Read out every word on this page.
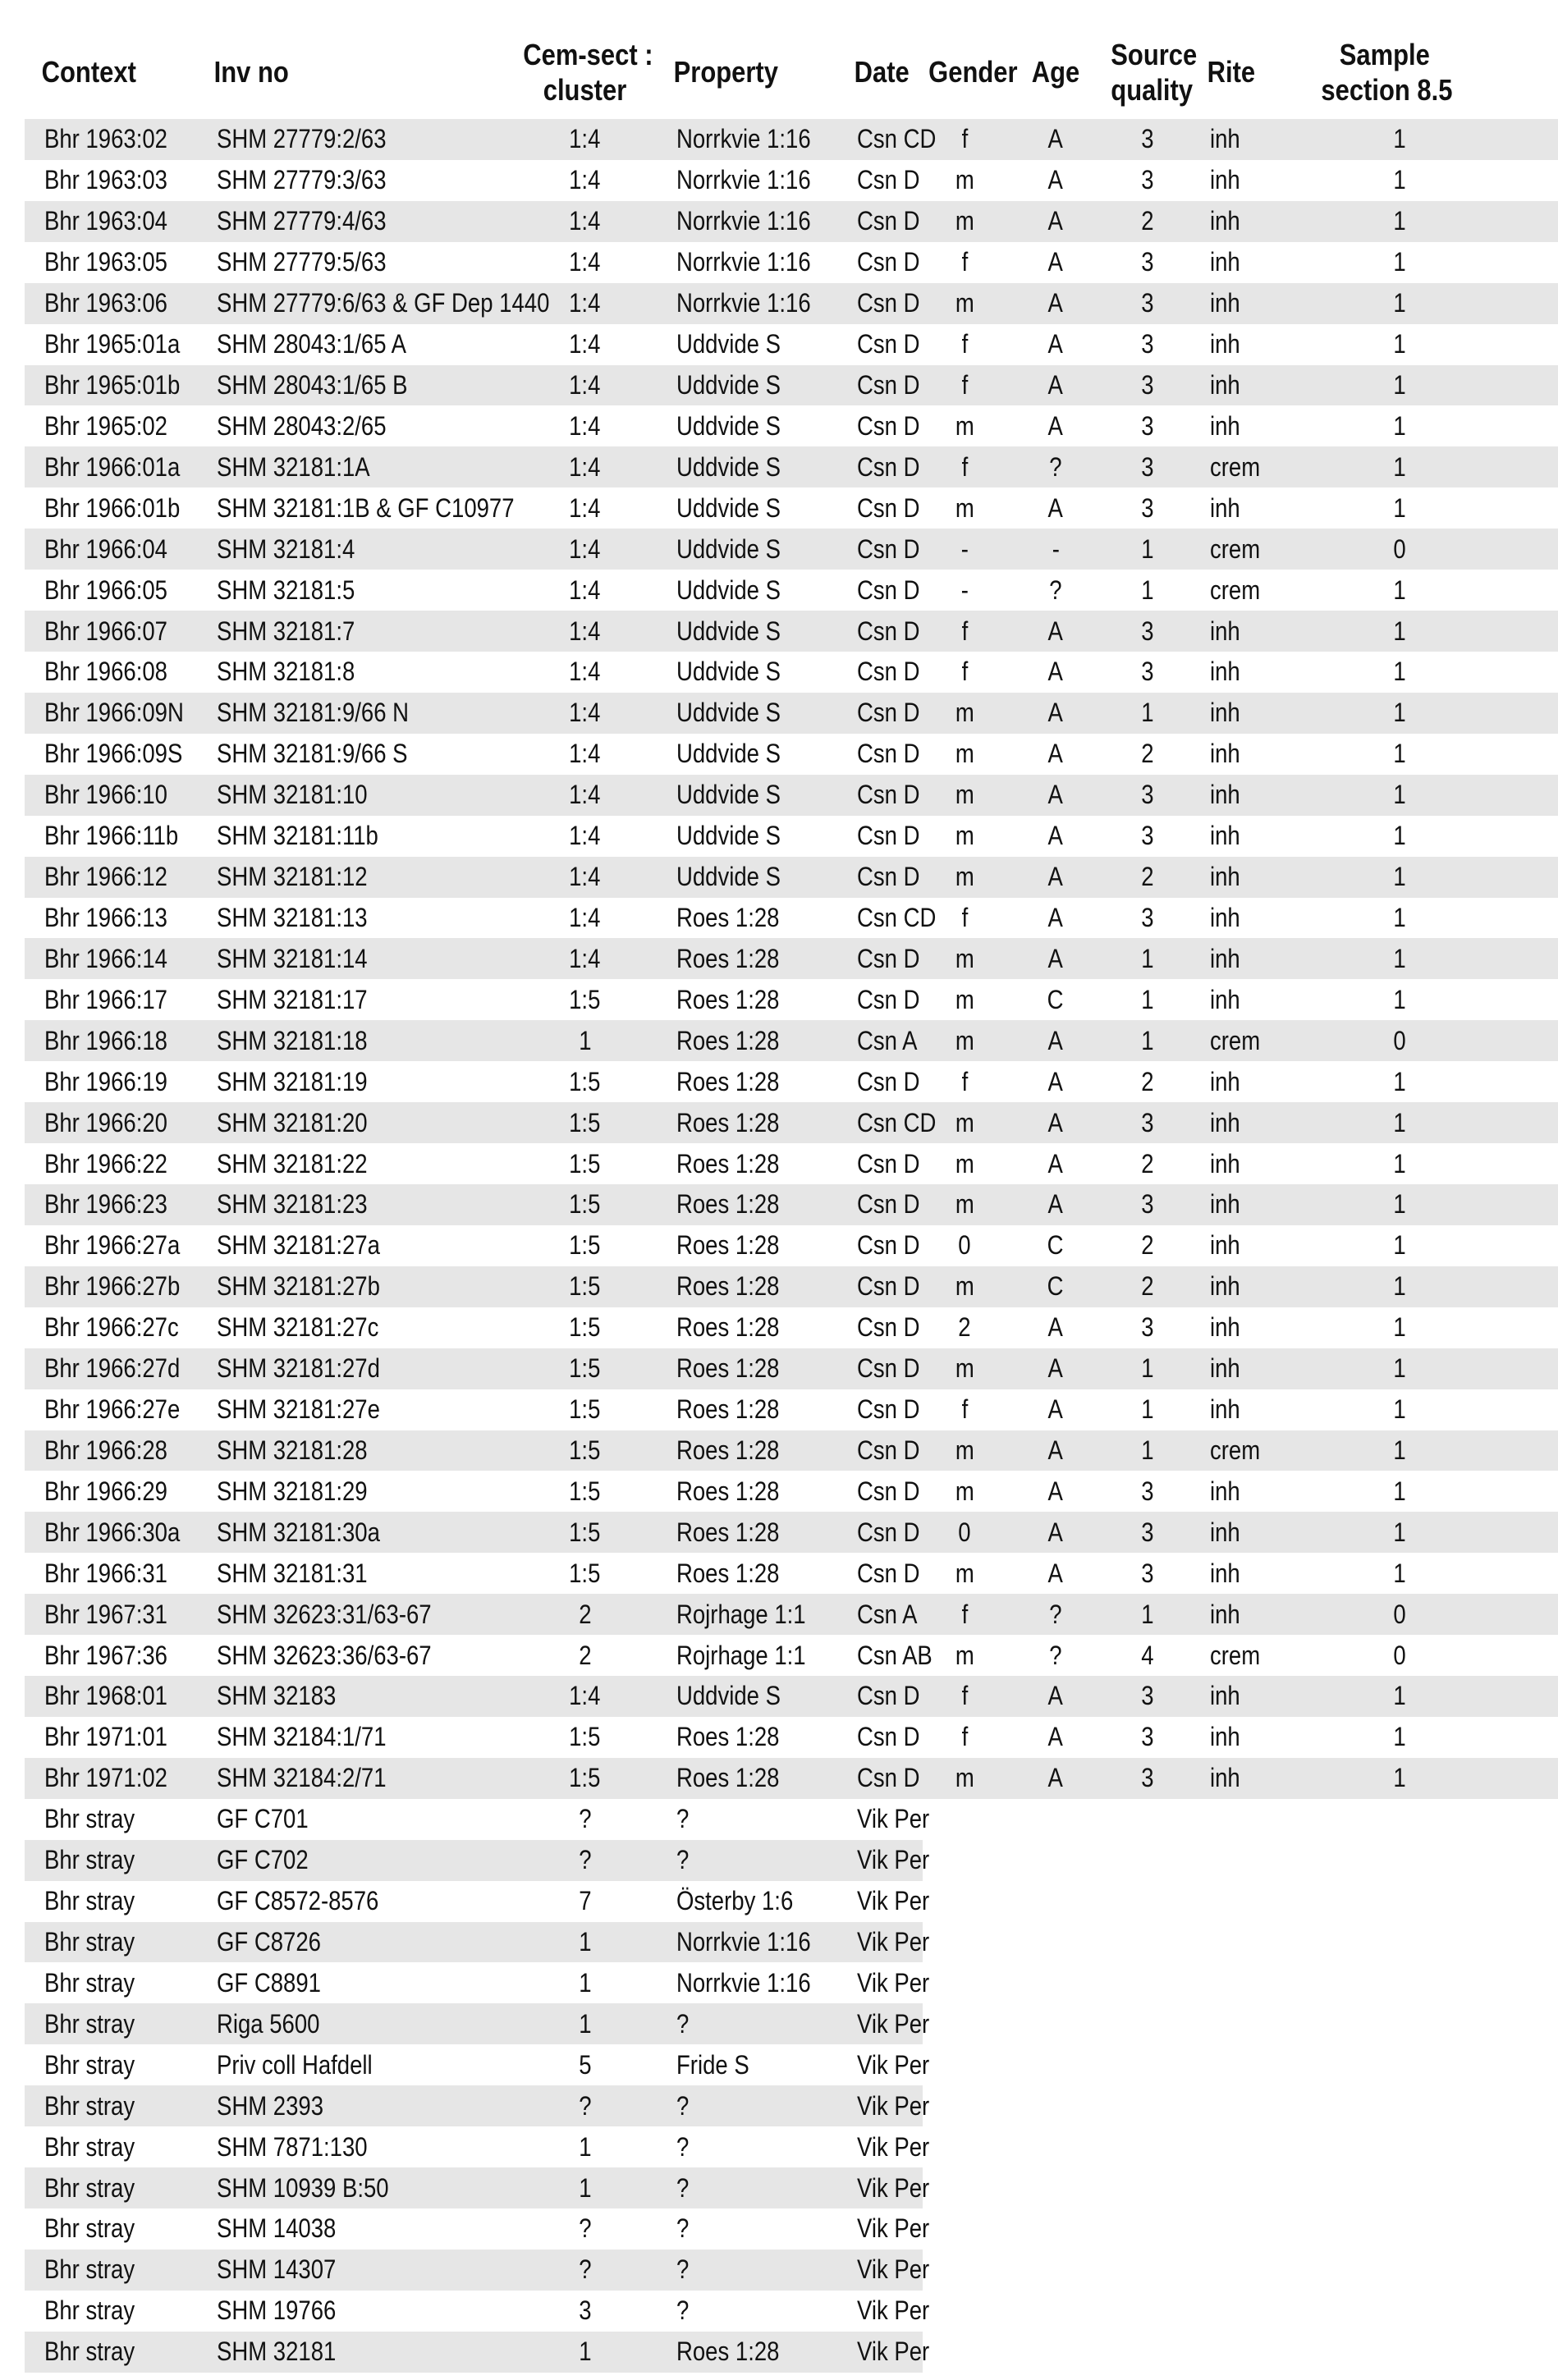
Context	Inv no	Cem-sect :
cluster	Property	Date	Gender	Age	Source
quality	Rite	Sample
section 8.5
Bhr 1963:02	SHM 27779:2/63	1:4	Norrkvie 1:16	Csn CD	f	A	3	inh	1
Bhr 1963:03	SHM 27779:3/63	1:4	Norrkvie 1:16	Csn D	m	A	3	inh	1
Bhr 1963:04	SHM 27779:4/63	1:4	Norrkvie 1:16	Csn D	m	A	2	inh	1
Bhr 1963:05	SHM 27779:5/63	1:4	Norrkvie 1:16	Csn D	f	A	3	inh	1
Bhr 1963:06	SHM 27779:6/63 & GF Dep 1440	1:4	Norrkvie 1:16	Csn D	m	A	3	inh	1
Bhr 1965:01a	SHM 28043:1/65 A	1:4	Uddvide S	Csn D	f	A	3	inh	1
Bhr 1965:01b	SHM 28043:1/65 B	1:4	Uddvide S	Csn D	f	A	3	inh	1
Bhr 1965:02	SHM 28043:2/65	1:4	Uddvide S	Csn D	m	A	3	inh	1
Bhr 1966:01a	SHM 32181:1A	1:4	Uddvide S	Csn D	f	?	3	crem	1
Bhr 1966:01b	SHM 32181:1B & GF C10977	1:4	Uddvide S	Csn D	m	A	3	inh	1
Bhr 1966:04	SHM 32181:4	1:4	Uddvide S	Csn D	-	-	1	crem	0
Bhr 1966:05	SHM 32181:5	1:4	Uddvide S	Csn D	-	?	1	crem	1
Bhr 1966:07	SHM 32181:7	1:4	Uddvide S	Csn D	f	A	3	inh	1
Bhr 1966:08	SHM 32181:8	1:4	Uddvide S	Csn D	f	A	3	inh	1
Bhr 1966:09N	SHM 32181:9/66 N	1:4	Uddvide S	Csn D	m	A	1	inh	1
Bhr 1966:09S	SHM 32181:9/66 S	1:4	Uddvide S	Csn D	m	A	2	inh	1
Bhr 1966:10	SHM 32181:10	1:4	Uddvide S	Csn D	m	A	3	inh	1
Bhr 1966:11b	SHM 32181:11b	1:4	Uddvide S	Csn D	m	A	3	inh	1
Bhr 1966:12	SHM 32181:12	1:4	Uddvide S	Csn D	m	A	2	inh	1
Bhr 1966:13	SHM 32181:13	1:4	Roes 1:28	Csn CD	f	A	3	inh	1
Bhr 1966:14	SHM 32181:14	1:4	Roes 1:28	Csn D	m	A	1	inh	1
Bhr 1966:17	SHM 32181:17	1:5	Roes 1:28	Csn D	m	C	1	inh	1
Bhr 1966:18	SHM 32181:18	1	Roes 1:28	Csn A	m	A	1	crem	0
Bhr 1966:19	SHM 32181:19	1:5	Roes 1:28	Csn D	f	A	2	inh	1
Bhr 1966:20	SHM 32181:20	1:5	Roes 1:28	Csn CD	m	A	3	inh	1
Bhr 1966:22	SHM 32181:22	1:5	Roes 1:28	Csn D	m	A	2	inh	1
Bhr 1966:23	SHM 32181:23	1:5	Roes 1:28	Csn D	m	A	3	inh	1
Bhr 1966:27a	SHM 32181:27a	1:5	Roes 1:28	Csn D	0	C	2	inh	1
Bhr 1966:27b	SHM 32181:27b	1:5	Roes 1:28	Csn D	m	C	2	inh	1
Bhr 1966:27c	SHM 32181:27c	1:5	Roes 1:28	Csn D	2	A	3	inh	1
Bhr 1966:27d	SHM 32181:27d	1:5	Roes 1:28	Csn D	m	A	1	inh	1
Bhr 1966:27e	SHM 32181:27e	1:5	Roes 1:28	Csn D	f	A	1	inh	1
Bhr 1966:28	SHM 32181:28	1:5	Roes 1:28	Csn D	m	A	1	crem	1
Bhr 1966:29	SHM 32181:29	1:5	Roes 1:28	Csn D	m	A	3	inh	1
Bhr 1966:30a	SHM 32181:30a	1:5	Roes 1:28	Csn D	0	A	3	inh	1
Bhr 1966:31	SHM 32181:31	1:5	Roes 1:28	Csn D	m	A	3	inh	1
Bhr 1967:31	SHM 32623:31/63-67	2	Rojrhage 1:1	Csn A	f	?	1	inh	0
Bhr 1967:36	SHM 32623:36/63-67	2	Rojrhage 1:1	Csn AB	m	?	4	crem	0
Bhr 1968:01	SHM 32183	1:4	Uddvide S	Csn D	f	A	3	inh	1
Bhr 1971:01	SHM 32184:1/71	1:5	Roes 1:28	Csn D	f	A	3	inh	1
Bhr 1971:02	SHM 32184:2/71	1:5	Roes 1:28	Csn D	m	A	3	inh	1
Bhr stray	GF C701	?	?	Vik Per					
Bhr stray	GF C702	?	?	Vik Per					
Bhr stray	GF C8572-8576	7	Österby 1:6	Vik Per					
Bhr stray	GF C8726	1	Norrkvie 1:16	Vik Per					
Bhr stray	GF C8891	1	Norrkvie 1:16	Vik Per					
Bhr stray	Riga 5600	1	?	Vik Per					
Bhr stray	Priv coll Hafdell	5	Fride S	Vik Per					
Bhr stray	SHM 2393	?	?	Vik Per					
Bhr stray	SHM 7871:130	1	?	Vik Per					
Bhr stray	SHM 10939 B:50	1	?	Vik Per					
Bhr stray	SHM 14038	?	?	Vik Per					
Bhr stray	SHM 14307	?	?	Vik Per					
Bhr stray	SHM 19766	3	?	Vik Per					
Bhr stray	SHM 32181	1	Roes 1:28	Vik Per					
